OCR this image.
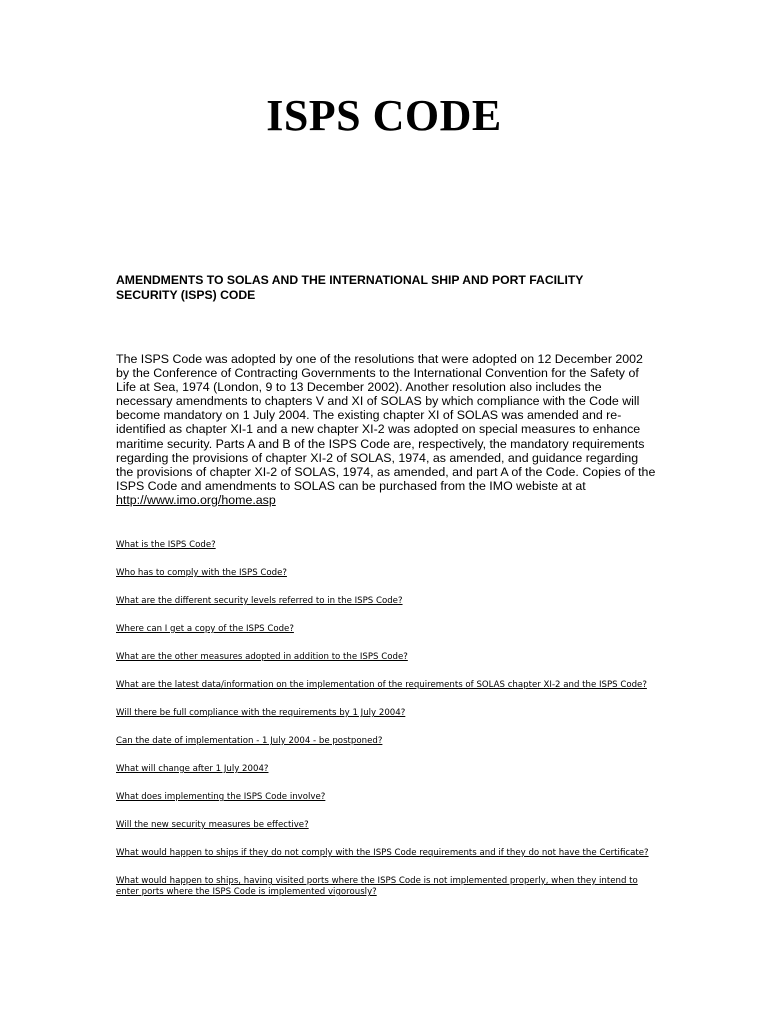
ISPS CODE

AMENDMENTS TO SOLAS AND THE INTERNATIONAL SHIP AND PORT FACILITY SECURITY (ISPS) CODE

The ISPS Code was adopted by one of the resolutions that were adopted on 12 December 2002 by the Conference of Contracting Governments to the International Convention for the Safety of Life at Sea, 1974 (London, 9 to 13 December 2002). Another resolution also includes the necessary amendments to chapters V and XI of SOLAS by which compliance with the Code will become mandatory on 1 July 2004. The existing chapter XI of SOLAS was amended and re-identified as chapter XI-1 and a new chapter XI-2 was adopted on special measures to enhance maritime security. Parts A and B of the ISPS Code are, respectively, the mandatory requirements regarding the provisions of chapter XI-2 of SOLAS, 1974, as amended, and guidance regarding the provisions of chapter XI-2 of SOLAS, 1974, as amended, and part A of the Code. Copies of the ISPS Code and amendments to SOLAS can be purchased from the IMO webiste at at http://www.imo.org/home.asp

What is the ISPS Code?
Who has to comply with the ISPS Code?
What are the different security levels referred to in the ISPS Code?
Where can I get a copy of the ISPS Code?
What are the other measures adopted in addition to the ISPS Code?
What are the latest data/information on the implementation of the requirements of SOLAS chapter XI-2 and the ISPS Code?
Will there be full compliance with the requirements by 1 July 2004?
Can the date of implementation - 1 July 2004 - be postponed?
What will change after 1 July 2004?
What does implementing the ISPS Code involve?
Will the new security measures be effective?
What would happen to ships if they do not comply with the ISPS Code requirements and if they do not have the Certificate?
What would happen to ships, having visited ports where the ISPS Code is not implemented properly, when they intend to enter ports where the ISPS Code is implemented vigorously?
